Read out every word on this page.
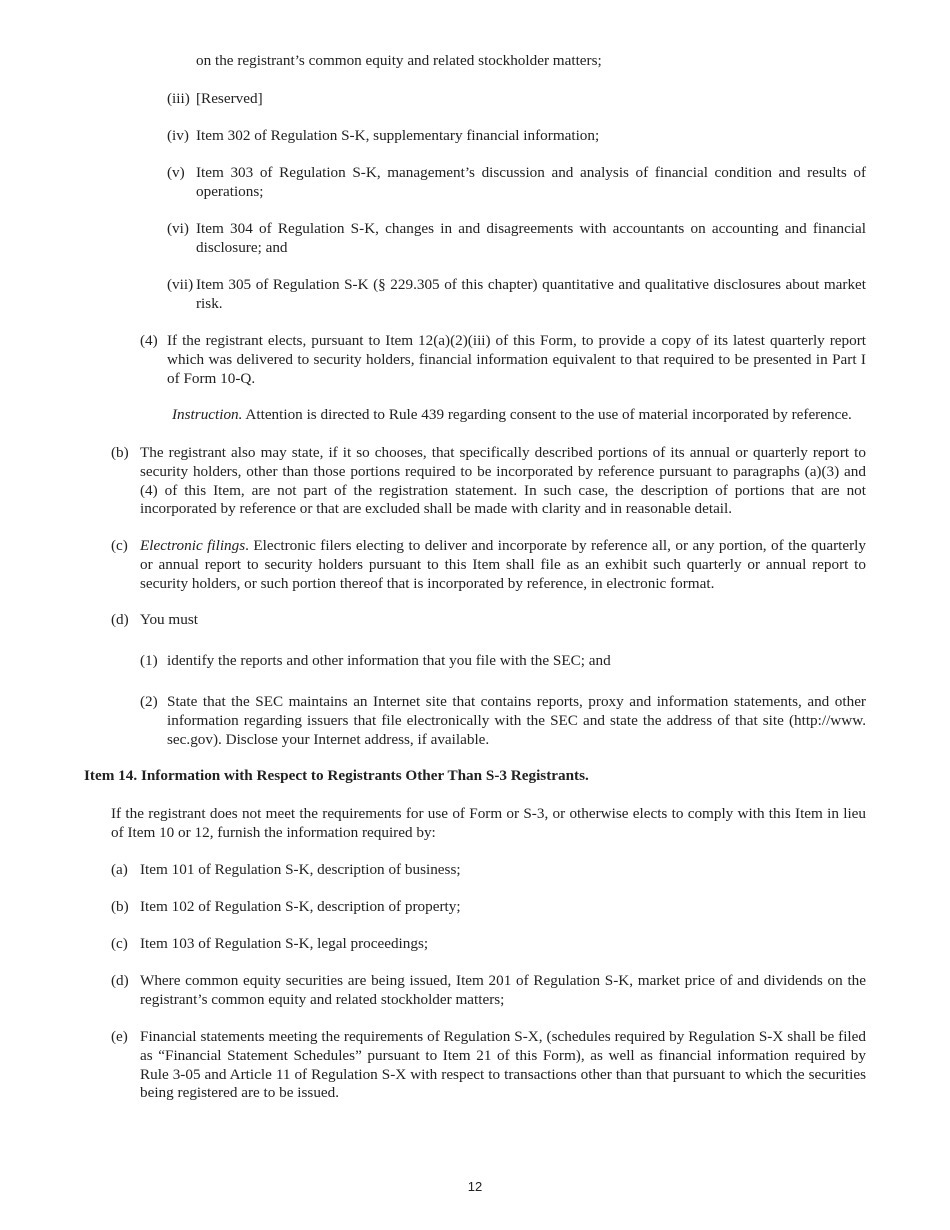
on the registrant’s common equity and related stockholder matters;
(iii) [Reserved]
(iv) Item 302 of Regulation S-K, supplementary financial information;
(v) Item 303 of Regulation S-K, management’s discussion and analysis of financial condition and results of operations;
(vi) Item 304 of Regulation S-K, changes in and disagreements with accountants on accounting and financial disclosure; and
(vii) Item 305 of Regulation S-K (§ 229.305 of this chapter) quantitative and qualitative disclosures about market risk.
(4) If the registrant elects, pursuant to Item 12(a)(2)(iii) of this Form, to provide a copy of its latest quarterly report which was delivered to security holders, financial information equivalent to that required to be presented in Part I of Form 10-Q.
Instruction. Attention is directed to Rule 439 regarding consent to the use of material incorporated by reference.
(b) The registrant also may state, if it so chooses, that specifically described portions of its annual or quarterly report to security holders, other than those portions required to be incorporated by reference pursuant to paragraphs (a)(3) and (4) of this Item, are not part of the registration statement. In such case, the description of portions that are not incorporated by reference or that are excluded shall be made with clarity and in reasonable detail.
(c) Electronic filings. Electronic filers electing to deliver and incorporate by reference all, or any portion, of the quarterly or annual report to security holders pursuant to this Item shall file as an exhibit such quarterly or annual report to security holders, or such portion thereof that is incorporated by reference, in electronic format.
(d) You must
(1) identify the reports and other information that you file with the SEC; and
(2) State that the SEC maintains an Internet site that contains reports, proxy and information statements, and other information regarding issuers that file electronically with the SEC and state the address of that site (http://www. sec.gov). Disclose your Internet address, if available.
Item 14. Information with Respect to Registrants Other Than S-3 Registrants.
If the registrant does not meet the requirements for use of Form or S-3, or otherwise elects to comply with this Item in lieu of Item 10 or 12, furnish the information required by:
(a) Item 101 of Regulation S-K, description of business;
(b) Item 102 of Regulation S-K, description of property;
(c) Item 103 of Regulation S-K, legal proceedings;
(d) Where common equity securities are being issued, Item 201 of Regulation S-K, market price of and dividends on the registrant’s common equity and related stockholder matters;
(e) Financial statements meeting the requirements of Regulation S-X, (schedules required by Regulation S-X shall be filed as “Financial Statement Schedules” pursuant to Item 21 of this Form), as well as financial information required by Rule 3-05 and Article 11 of Regulation S-X with respect to transactions other than that pursuant to which the securities being registered are to be issued.
12
